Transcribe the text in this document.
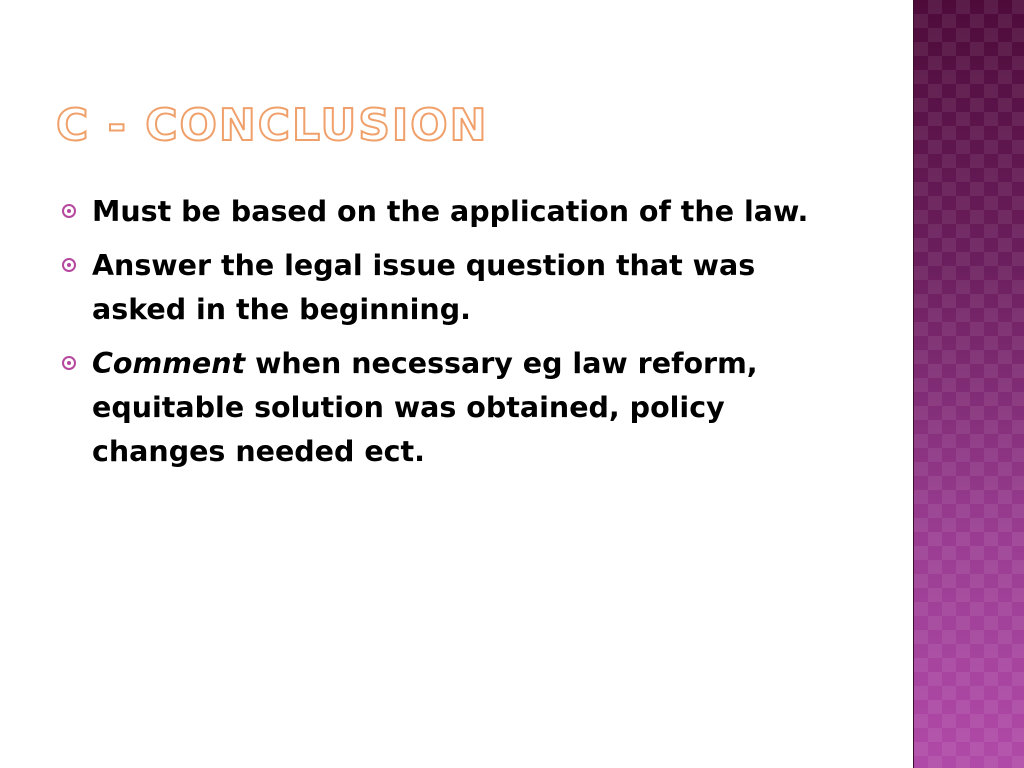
C - CONCLUSION
Must be based on the application of the law.
Answer the legal issue question that was asked in the beginning.
Comment when necessary eg law reform, equitable solution was obtained, policy changes needed ect.
